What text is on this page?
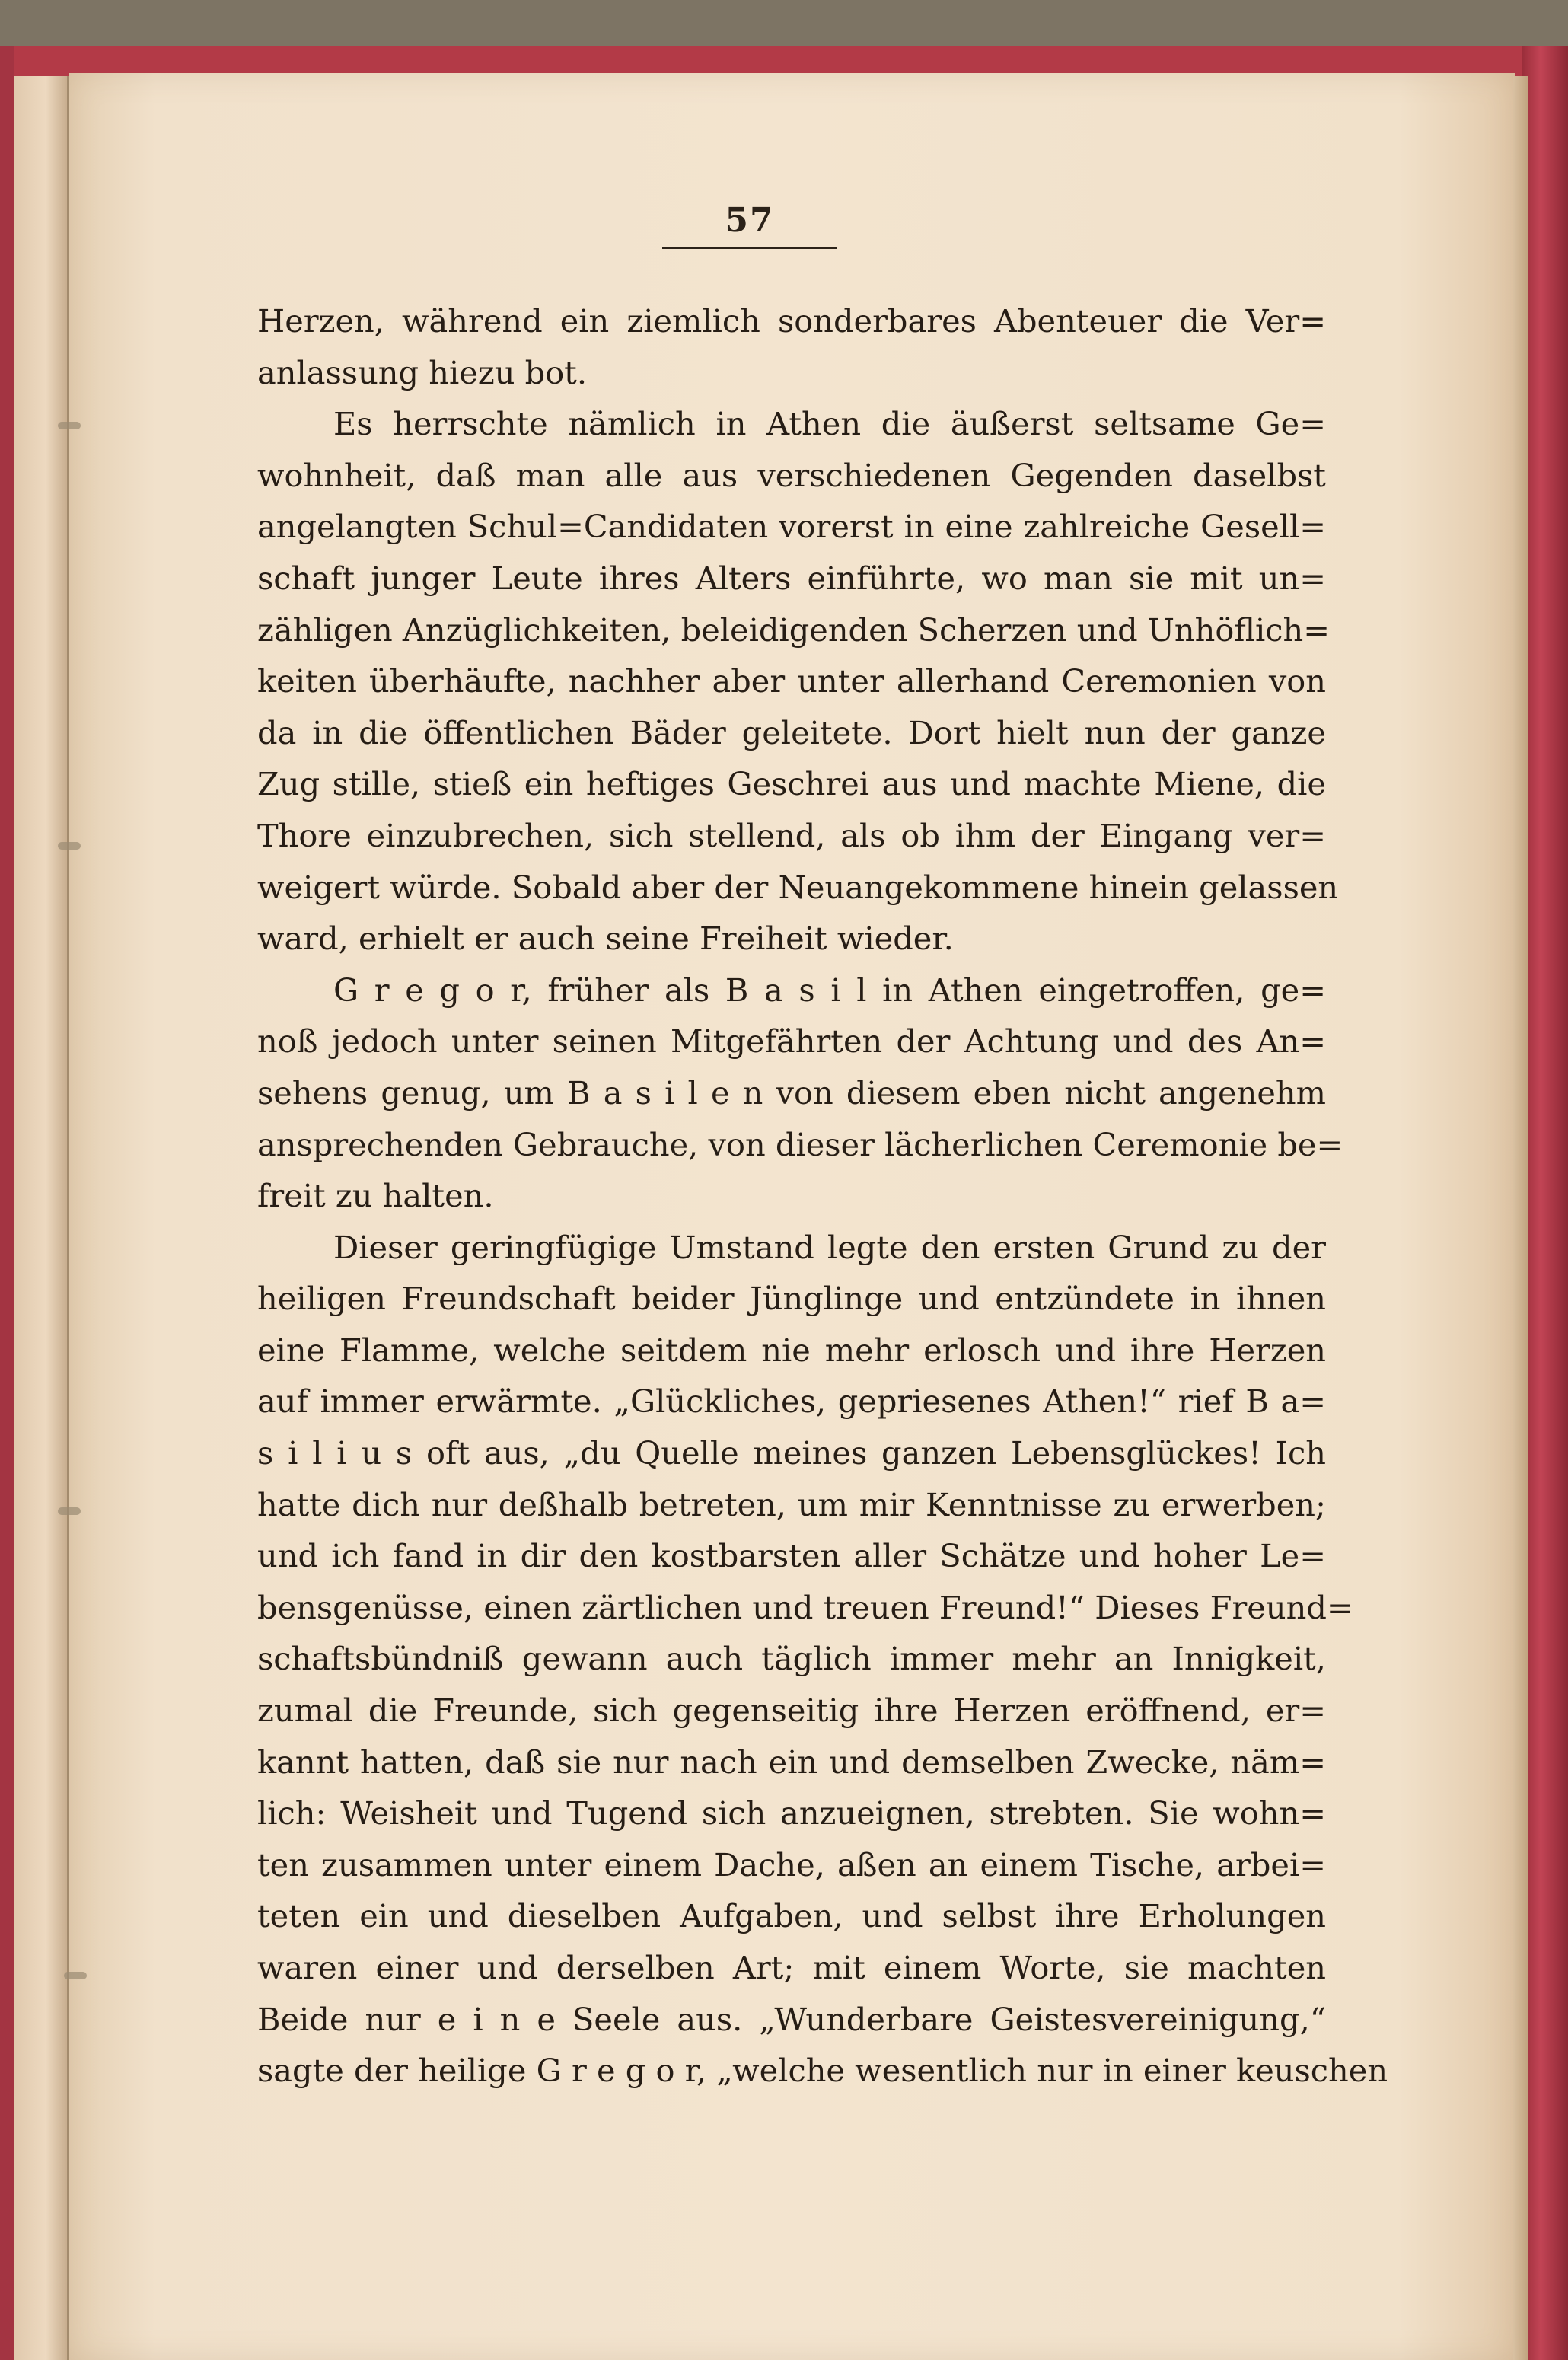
57
Herzen, während ein ziemlich sonderbares Abenteuer die Ver=
anlassung hiezu bot.
Es herrschte nämlich in Athen die äußerst seltsame Ge=
wohnheit, daß man alle aus verschiedenen Gegenden daselbst
angelangten Schul=Candidaten vorerst in eine zahlreiche Gesell=
schaft junger Leute ihres Alters einführte, wo man sie mit un=
zähligen Anzüglichkeiten, beleidigenden Scherzen und Unhöflich=
keiten überhäufte, nachher aber unter allerhand Ceremonien von
da in die öffentlichen Bäder geleitete. Dort hielt nun der ganze
Zug stille, stieß ein heftiges Geschrei aus und machte Miene, die
Thore einzubrechen, sich stellend, als ob ihm der Eingang ver=
weigert würde. Sobald aber der Neuangekommene hinein gelassen
ward, erhielt er auch seine Freiheit wieder.
G r e g o r, früher als B a s i l in Athen eingetroffen, ge=
noß jedoch unter seinen Mitgefährten der Achtung und des An=
sehens genug, um B a s i l e n von diesem eben nicht angenehm
ansprechenden Gebrauche, von dieser lächerlichen Ceremonie be=
freit zu halten.
Dieser geringfügige Umstand legte den ersten Grund zu der
heiligen Freundschaft beider Jünglinge und entzündete in ihnen
eine Flamme, welche seitdem nie mehr erlosch und ihre Herzen
auf immer erwärmte. „Glückliches, gepriesenes Athen!“ rief B a=
s i l i u s oft aus, „du Quelle meines ganzen Lebensglückes! Ich
hatte dich nur deßhalb betreten, um mir Kenntnisse zu erwerben;
und ich fand in dir den kostbarsten aller Schätze und hoher Le=
bensgenüsse, einen zärtlichen und treuen Freund!“ Dieses Freund=
schaftsbündniß gewann auch täglich immer mehr an Innigkeit,
zumal die Freunde, sich gegenseitig ihre Herzen eröffnend, er=
kannt hatten, daß sie nur nach ein und demselben Zwecke, näm=
lich: Weisheit und Tugend sich anzueignen, strebten. Sie wohn=
ten zusammen unter einem Dache, aßen an einem Tische, arbei=
teten ein und dieselben Aufgaben, und selbst ihre Erholungen
waren einer und derselben Art; mit einem Worte, sie machten
Beide nur e i n e Seele aus. „Wunderbare Geistesvereinigung,“
sagte der heilige G r e g o r, „welche wesentlich nur in einer keuschen
